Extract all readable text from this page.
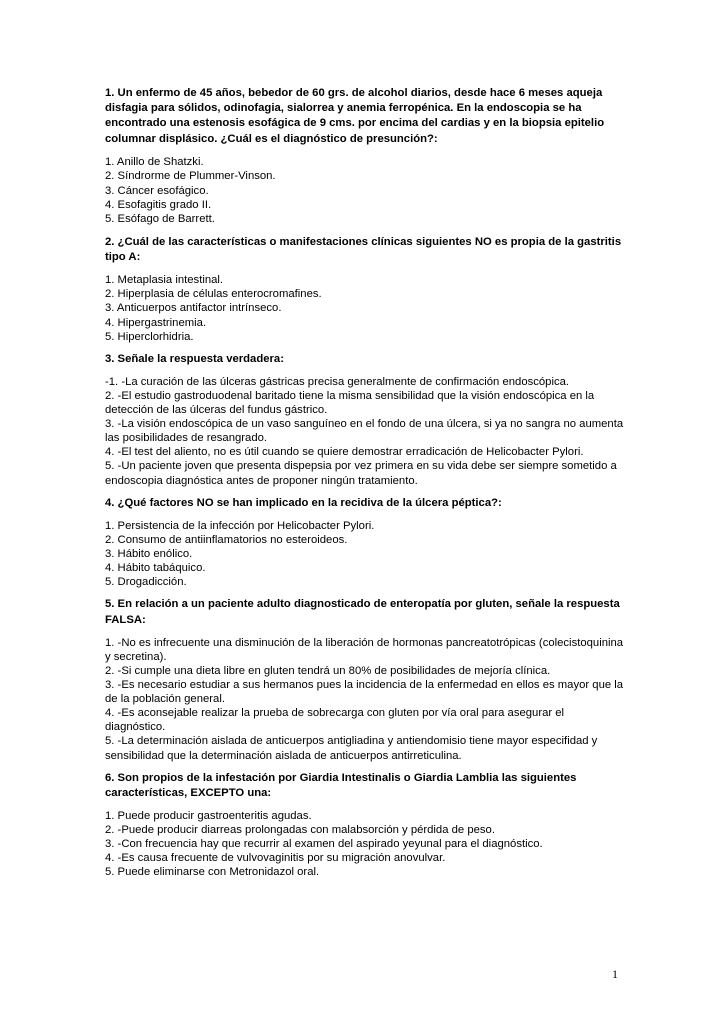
1. Un enfermo de 45 años, bebedor de 60 grs. de alcohol diarios, desde hace 6 meses aqueja disfagia para sólidos, odinofagia, sialorrea y anemia ferropénica. En la endoscopia se ha encontrado una estenosis esofágica de 9 cms. por encima del cardias y en la biopsia epitelio columnar displásico. ¿Cuál es el diagnóstico de presunción?:

1. Anillo de Shatzki.
2. Síndrorme de Plummer-Vinson.
3. Cáncer esofágico.
4. Esofagitis grado II.
5. Esófago de Barrett.

2. ¿Cuál de las características o manifestaciones clínicas siguientes NO es propia de la gastritis tipo A:

1. Metaplasia intestinal.
2. Hiperplasia de células enterocromafines.
3. Anticuerpos antifactor intrínseco.
4. Hipergastrinemia.
5. Hiperclorhidria.

3. Señale la respuesta verdadera:

-1. -La curación de las úlceras gástricas precisa generalmente de confirmación endoscópica.
2. -El estudio gastroduodenal baritado tiene la misma sensibilidad que la visión endoscópica en la detección de las úlceras del fundus gástrico.
3. -La visión endoscópica de un vaso sanguíneo en el fondo de una úlcera, si ya no sangra no aumenta las posibilidades de resangrado.
4. -El test del aliento, no es útil cuando se quiere demostrar erradicación de Helicobacter Pylori.
5. -Un paciente joven que presenta dispepsia por vez primera en su vida debe ser siempre sometido a endoscopia diagnóstica antes de proponer ningún tratamiento.

4. ¿Qué factores NO se han implicado en la recidiva de la úlcera péptica?:

1. Persistencia de la infección por Helicobacter Pylori.
2. Consumo de antiinflamatorios no esteroideos.
3. Hábito enólico.
4. Hábito tabáquico.
5. Drogadicción.

5. En relación a un paciente adulto diagnosticado de enteropatía por gluten, señale la respuesta FALSA:

1. -No es infrecuente una disminución de la liberación de hormonas pancreatotrópicas (colecistoquinina y secretina).
2. -Si cumple una dieta libre en gluten tendrá un 80% de posibilidades de mejoría clínica.
3. -Es necesario estudiar a sus hermanos pues la incidencia de la enfermedad en ellos es mayor que la de la población general.
4. -Es aconsejable realizar la prueba de sobrecarga con gluten por vía oral para asegurar el diagnóstico.
5. -La determinación aislada de anticuerpos antigliadina y antiendomisio tiene mayor especifidad y sensibilidad que la determinación aislada de anticuerpos antirreticulina.

6. Son propios de la infestación por Giardia Intestinalis o Giardia Lamblia las siguientes características, EXCEPTO una:

1. Puede producir gastroenteritis agudas.
2. -Puede producir diarreas prolongadas con malabsorción y pérdida de peso.
3. -Con frecuencia hay que recurrir al examen del aspirado yeyunal para el diagnóstico.
4. -Es causa frecuente de vulvovaginitis por su migración anovulvar.
5. Puede eliminarse con Metronidazol oral.
1
